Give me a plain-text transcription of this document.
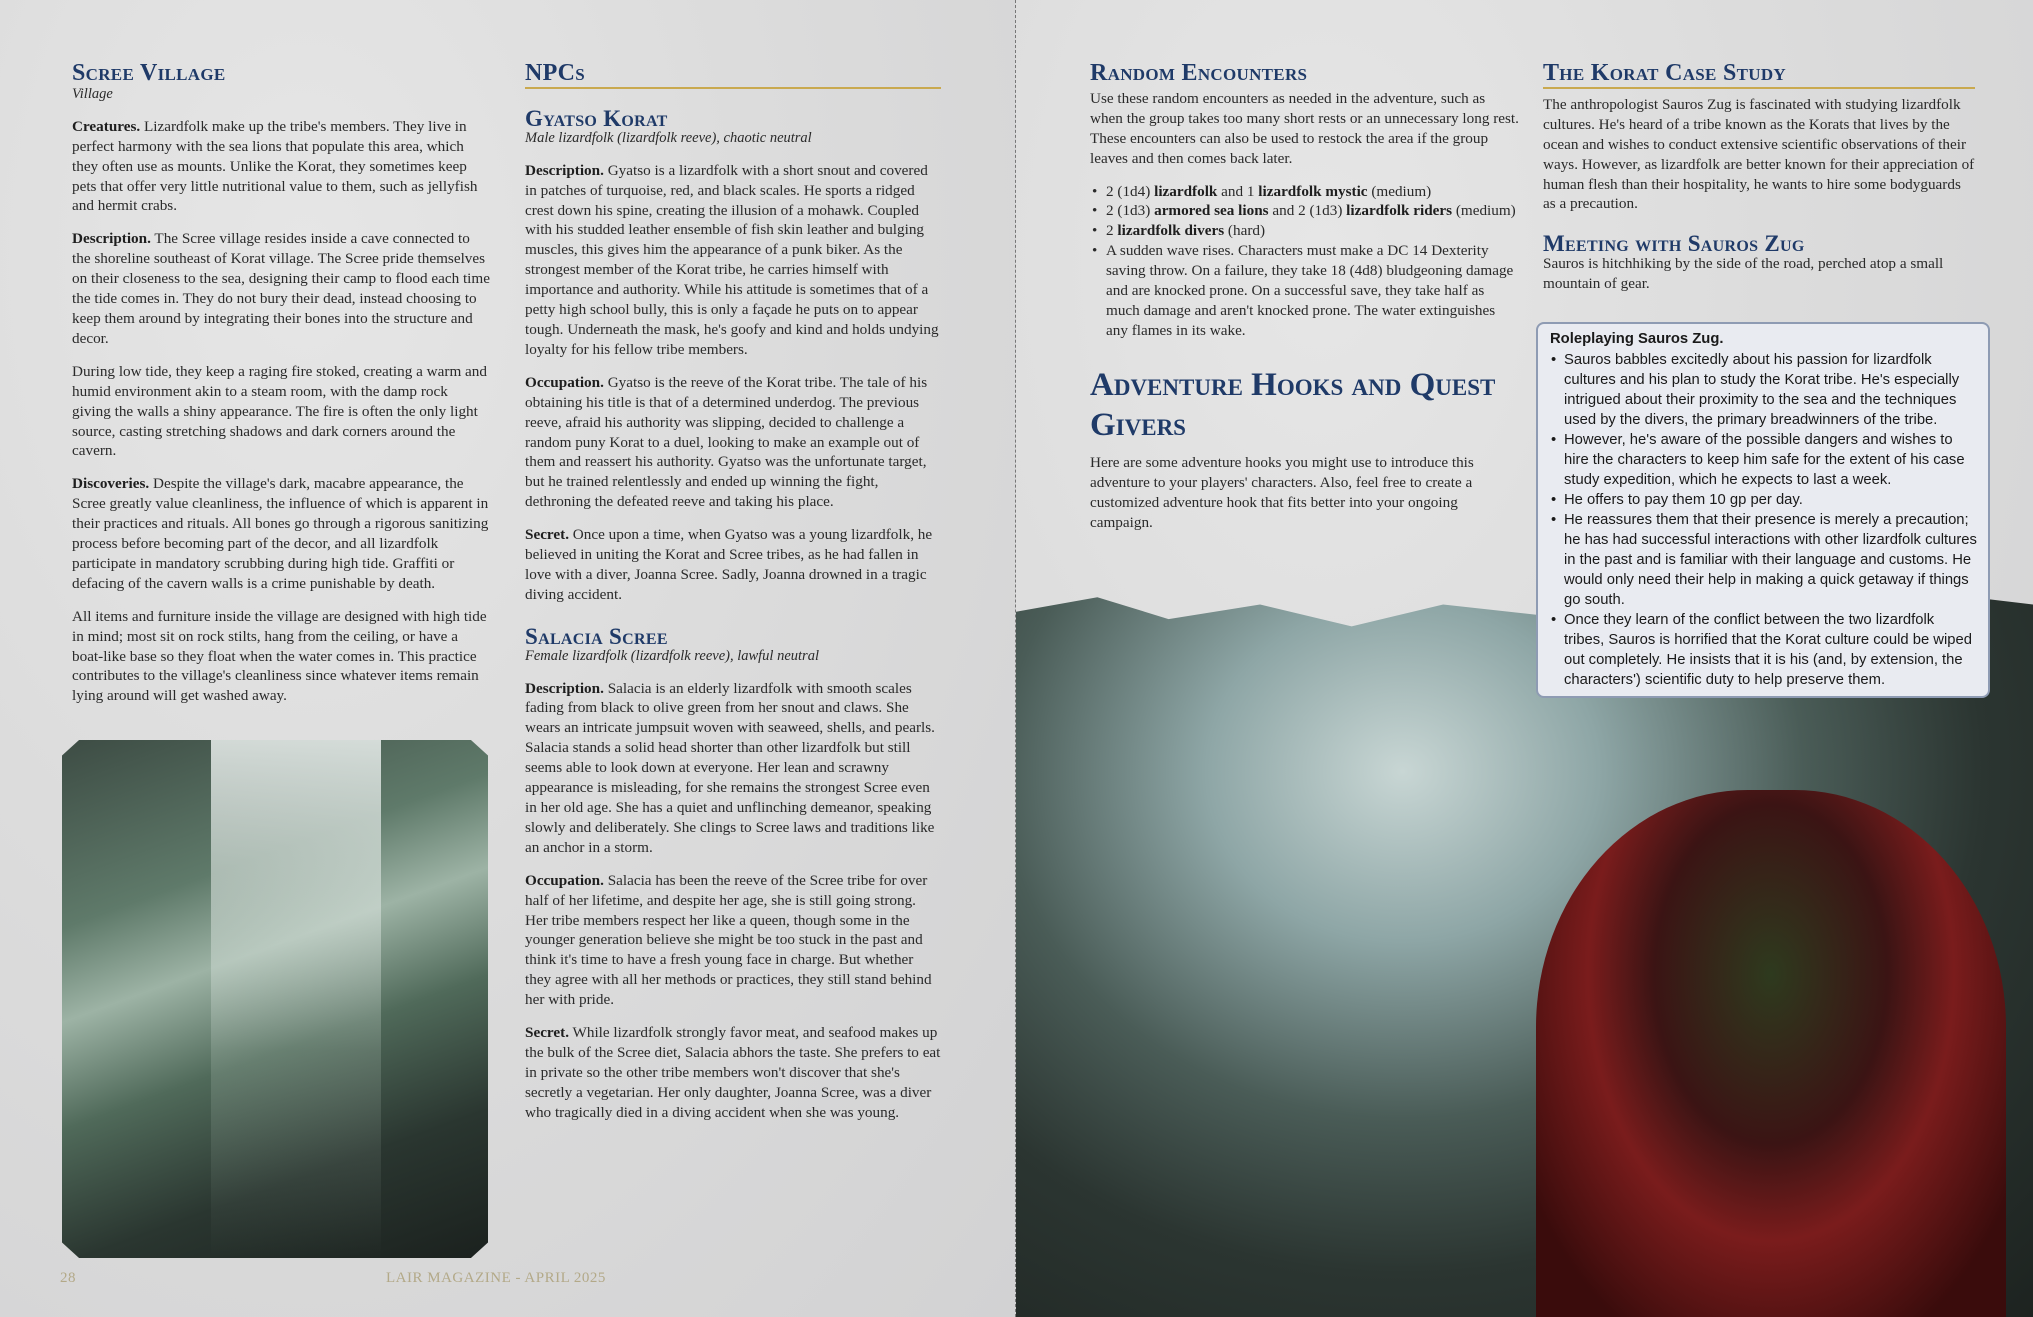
Scree Village
Village

Creatures. Lizardfolk make up the tribe's members. They live in perfect harmony with the sea lions that populate this area, which they often use as mounts. Unlike the Korat, they sometimes keep pets that offer very little nutritional value to them, such as jellyfish and hermit crabs.

Description. The Scree village resides inside a cave connected to the shoreline southeast of Korat village. The Scree pride themselves on their closeness to the sea, designing their camp to flood each time the tide comes in. They do not bury their dead, instead choosing to keep them around by integrating their bones into the structure and decor.

During low tide, they keep a raging fire stoked, creating a warm and humid environment akin to a steam room, with the damp rock giving the walls a shiny appearance. The fire is often the only light source, casting stretching shadows and dark corners around the cavern.

Discoveries. Despite the village's dark, macabre appearance, the Scree greatly value cleanliness, the influence of which is apparent in their practices and rituals. All bones go through a rigorous sanitizing process before becoming part of the decor, and all lizardfolk participate in mandatory scrubbing during high tide. Graffiti or defacing of the cavern walls is a crime punishable by death.

All items and furniture inside the village are designed with high tide in mind; most sit on rock stilts, hang from the ceiling, or have a boat-like base so they float when the water comes in. This practice contributes to the village's cleanliness since whatever items remain lying around will get washed away.

NPCs
Gyatso Korat
Male lizardfolk (lizardfolk reeve), chaotic neutral

Description. Gyatso is a lizardfolk with a short snout and covered in patches of turquoise, red, and black scales. He sports a ridged crest down his spine, creating the illusion of a mohawk. Coupled with his studded leather ensemble of fish skin leather and bulging muscles, this gives him the appearance of a punk biker. As the strongest member of the Korat tribe, he carries himself with importance and authority. While his attitude is sometimes that of a petty high school bully, this is only a façade he puts on to appear tough. Underneath the mask, he's goofy and kind and holds undying loyalty for his fellow tribe members.

Occupation. Gyatso is the reeve of the Korat tribe. The tale of his obtaining his title is that of a determined underdog. The previous reeve, afraid his authority was slipping, decided to challenge a random puny Korat to a duel, looking to make an example out of them and reassert his authority. Gyatso was the unfortunate target, but he trained relentlessly and ended up winning the fight, dethroning the defeated reeve and taking his place.

Secret. Once upon a time, when Gyatso was a young lizardfolk, he believed in uniting the Korat and Scree tribes, as he had fallen in love with a diver, Joanna Scree. Sadly, Joanna drowned in a tragic diving accident.

Salacia Scree
Female lizardfolk (lizardfolk reeve), lawful neutral

Description. Salacia is an elderly lizardfolk with smooth scales fading from black to olive green from her snout and claws. She wears an intricate jumpsuit woven with seaweed, shells, and pearls. Salacia stands a solid head shorter than other lizardfolk but still seems able to look down at everyone. Her lean and scrawny appearance is misleading, for she remains the strongest Scree even in her old age. She has a quiet and unflinching demeanor, speaking slowly and deliberately. She clings to Scree laws and traditions like an anchor in a storm.

Occupation. Salacia has been the reeve of the Scree tribe for over half of her lifetime, and despite her age, she is still going strong. Her tribe members respect her like a queen, though some in the younger generation believe she might be too stuck in the past and think it's time to have a fresh young face in charge. But whether they agree with all her methods or practices, they still stand behind her with pride.

Secret. While lizardfolk strongly favor meat, and seafood makes up the bulk of the Scree diet, Salacia abhors the taste. She prefers to eat in private so the other tribe members won't discover that she's secretly a vegetarian. Her only daughter, Joanna Scree, was a diver who tragically died in a diving accident when she was young.

28	LAIR MAGAZINE - APRIL 2025
Random Encounters

Use these random encounters as needed in the adventure, such as when the group takes too many short rests or an unnecessary long rest. These encounters can also be used to restock the area if the group leaves and then comes back later.

• 2 (1d4) lizardfolk and 1 lizardfolk mystic (medium)
• 2 (1d3) armored sea lions and 2 (1d3) lizardfolk riders (medium)
• 2 lizardfolk divers (hard)
• A sudden wave rises. Characters must make a DC 14 Dexterity saving throw. On a failure, they take 18 (4d8) bludgeoning damage and are knocked prone. On a successful save, they take half as much damage and aren't knocked prone. The water extinguishes any flames in its wake.
Adventure Hooks and Quest Givers

Here are some adventure hooks you might use to introduce this adventure to your players' characters. Also, feel free to create a customized adventure hook that fits better into your ongoing campaign.

The Korat Case Study

The anthropologist Sauros Zug is fascinated with studying lizardfolk cultures. He's heard of a tribe known as the Korats that lives by the ocean and wishes to conduct extensive scientific observations of their ways. However, as lizardfolk are better known for their appreciation of human flesh than their hospitality, he wants to hire some bodyguards as a precaution.

Meeting with Sauros Zug

Sauros is hitchhiking by the side of the road, perched atop a small mountain of gear.

Roleplaying Sauros Zug.
• Sauros babbles excitedly about his passion for lizardfolk cultures and his plan to study the Korat tribe. He's especially intrigued about their proximity to the sea and the techniques used by the divers, the primary breadwinners of the tribe.
• However, he's aware of the possible dangers and wishes to hire the characters to keep him safe for the extent of his case study expedition, which he expects to last a week.
• He offers to pay them 10 gp per day.
• He reassures them that their presence is merely a precaution; he has had successful interactions with other lizardfolk cultures in the past and is familiar with their language and customs. He would only need their help in making a quick getaway if things go south.
• Once they learn of the conflict between the two lizardfolk tribes, Sauros is horrified that the Korat culture could be wiped out completely. He insists that it is his (and, by extension, the characters') scientific duty to help preserve them.
